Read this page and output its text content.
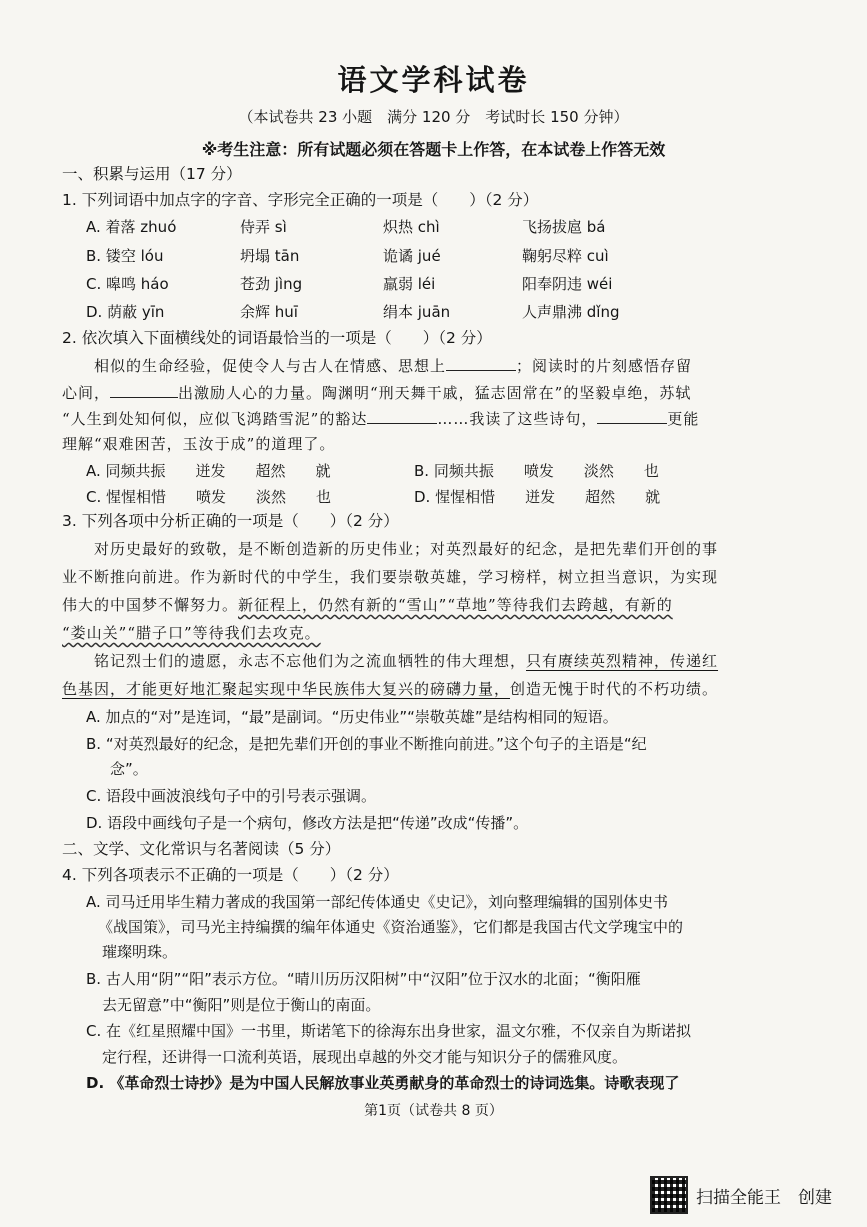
语文学科试卷
（本试卷共 23 小题　满分 120 分　考试时长 150 分钟）
※考生注意：所有试题必须在答题卡上作答，在本试卷上作答无效
一、积累与运用（17 分）
1. 下列词语中加点字的字音、字形完全正确的一项是（　　）（2 分）
A. 着落 zhuó	侍弄 sì	炽热 chì	飞扬拔扈 bá
B. 镂空 lóu	坍塌 tān	诡谲 jué	鞠躬尽粹 cuì
C. 嗥鸣 háo	苍劲 jìng	羸弱 léi	阳奉阴违 wéi
D. 荫蔽 yīn	余辉 huī	绢本 juān	人声鼎沸 dǐng
2. 依次填入下面横线处的词语最恰当的一项是（　　）（2 分）
相似的生命经验，促使令人与古人在情感、思想上	；阅读时的片刻感悟存留
心间，	出激励人心的力量。陶渊明“刑天舞干戚，猛志固常在”的坚毅卓绝，苏轼
“人生到处知何似，应似飞鸿踏雪泥”的豁达	……我读了这些诗句，	更能
理解“艰难困苦，玉汝于成”的道理了。
A. 同频共振　　迸发　　超然　　就	B. 同频共振　　喷发　　淡然　　也
C. 惺惺相惜　　喷发　　淡然　　也	D. 惺惺相惜　　迸发　　超然　　就
3. 下列各项中分析正确的一项是（　　）（2 分）
对历史最好的致敬，是不断创造新的历史伟业；对英烈最好的纪念，是把先辈们开创的事
业不断推向前进。作为新时代的中学生，我们要崇敬英雄，学习榜样，树立担当意识，为实现
伟大的中国梦不懈努力。新征程上，仍然有新的“雪山”“草地”等待我们去跨越，有新的
“娄山关”“腊子口”等待我们去攻克。
铭记烈士们的遗愿，永志不忘他们为之流血牺牲的伟大理想，只有赓续英烈精神，传递红
色基因，才能更好地汇聚起实现中华民族伟大复兴的磅礴力量，创造无愧于时代的不朽功绩。
A. 加点的“对”是连词，“最”是副词。“历史伟业”“崇敬英雄”是结构相同的短语。
B. “对英烈最好的纪念，是把先辈们开创的事业不断推向前进。”这个句子的主语是“纪
念”。
C. 语段中画波浪线句子中的引号表示强调。
D. 语段中画线句子是一个病句，修改方法是把“传递”改成“传播”。
二、文学、文化常识与名著阅读（5 分）
4. 下列各项表示不正确的一项是（　　）（2 分）
A. 司马迁用毕生精力著成的我国第一部纪传体通史《史记》，刘向整理编辑的国别体史书
《战国策》，司马光主持编撰的编年体通史《资治通鉴》，它们都是我国古代文学瑰宝中的
璀璨明珠。
B. 古人用“阴”“阳”表示方位。“晴川历历汉阳树”中“汉阳”位于汉水的北面；“衡阳雁
去无留意”中“衡阳”则是位于衡山的南面。
C. 在《红星照耀中国》一书里，斯诺笔下的徐海东出身世家，温文尔雅，不仅亲自为斯诺拟
定行程，还讲得一口流利英语，展现出卓越的外交才能与知识分子的儒雅风度。
D. 《革命烈士诗抄》是为中国人民解放事业英勇献身的革命烈士的诗词选集。诗歌表现了
第1页（试卷共 8 页）
扫描全能王　创建
